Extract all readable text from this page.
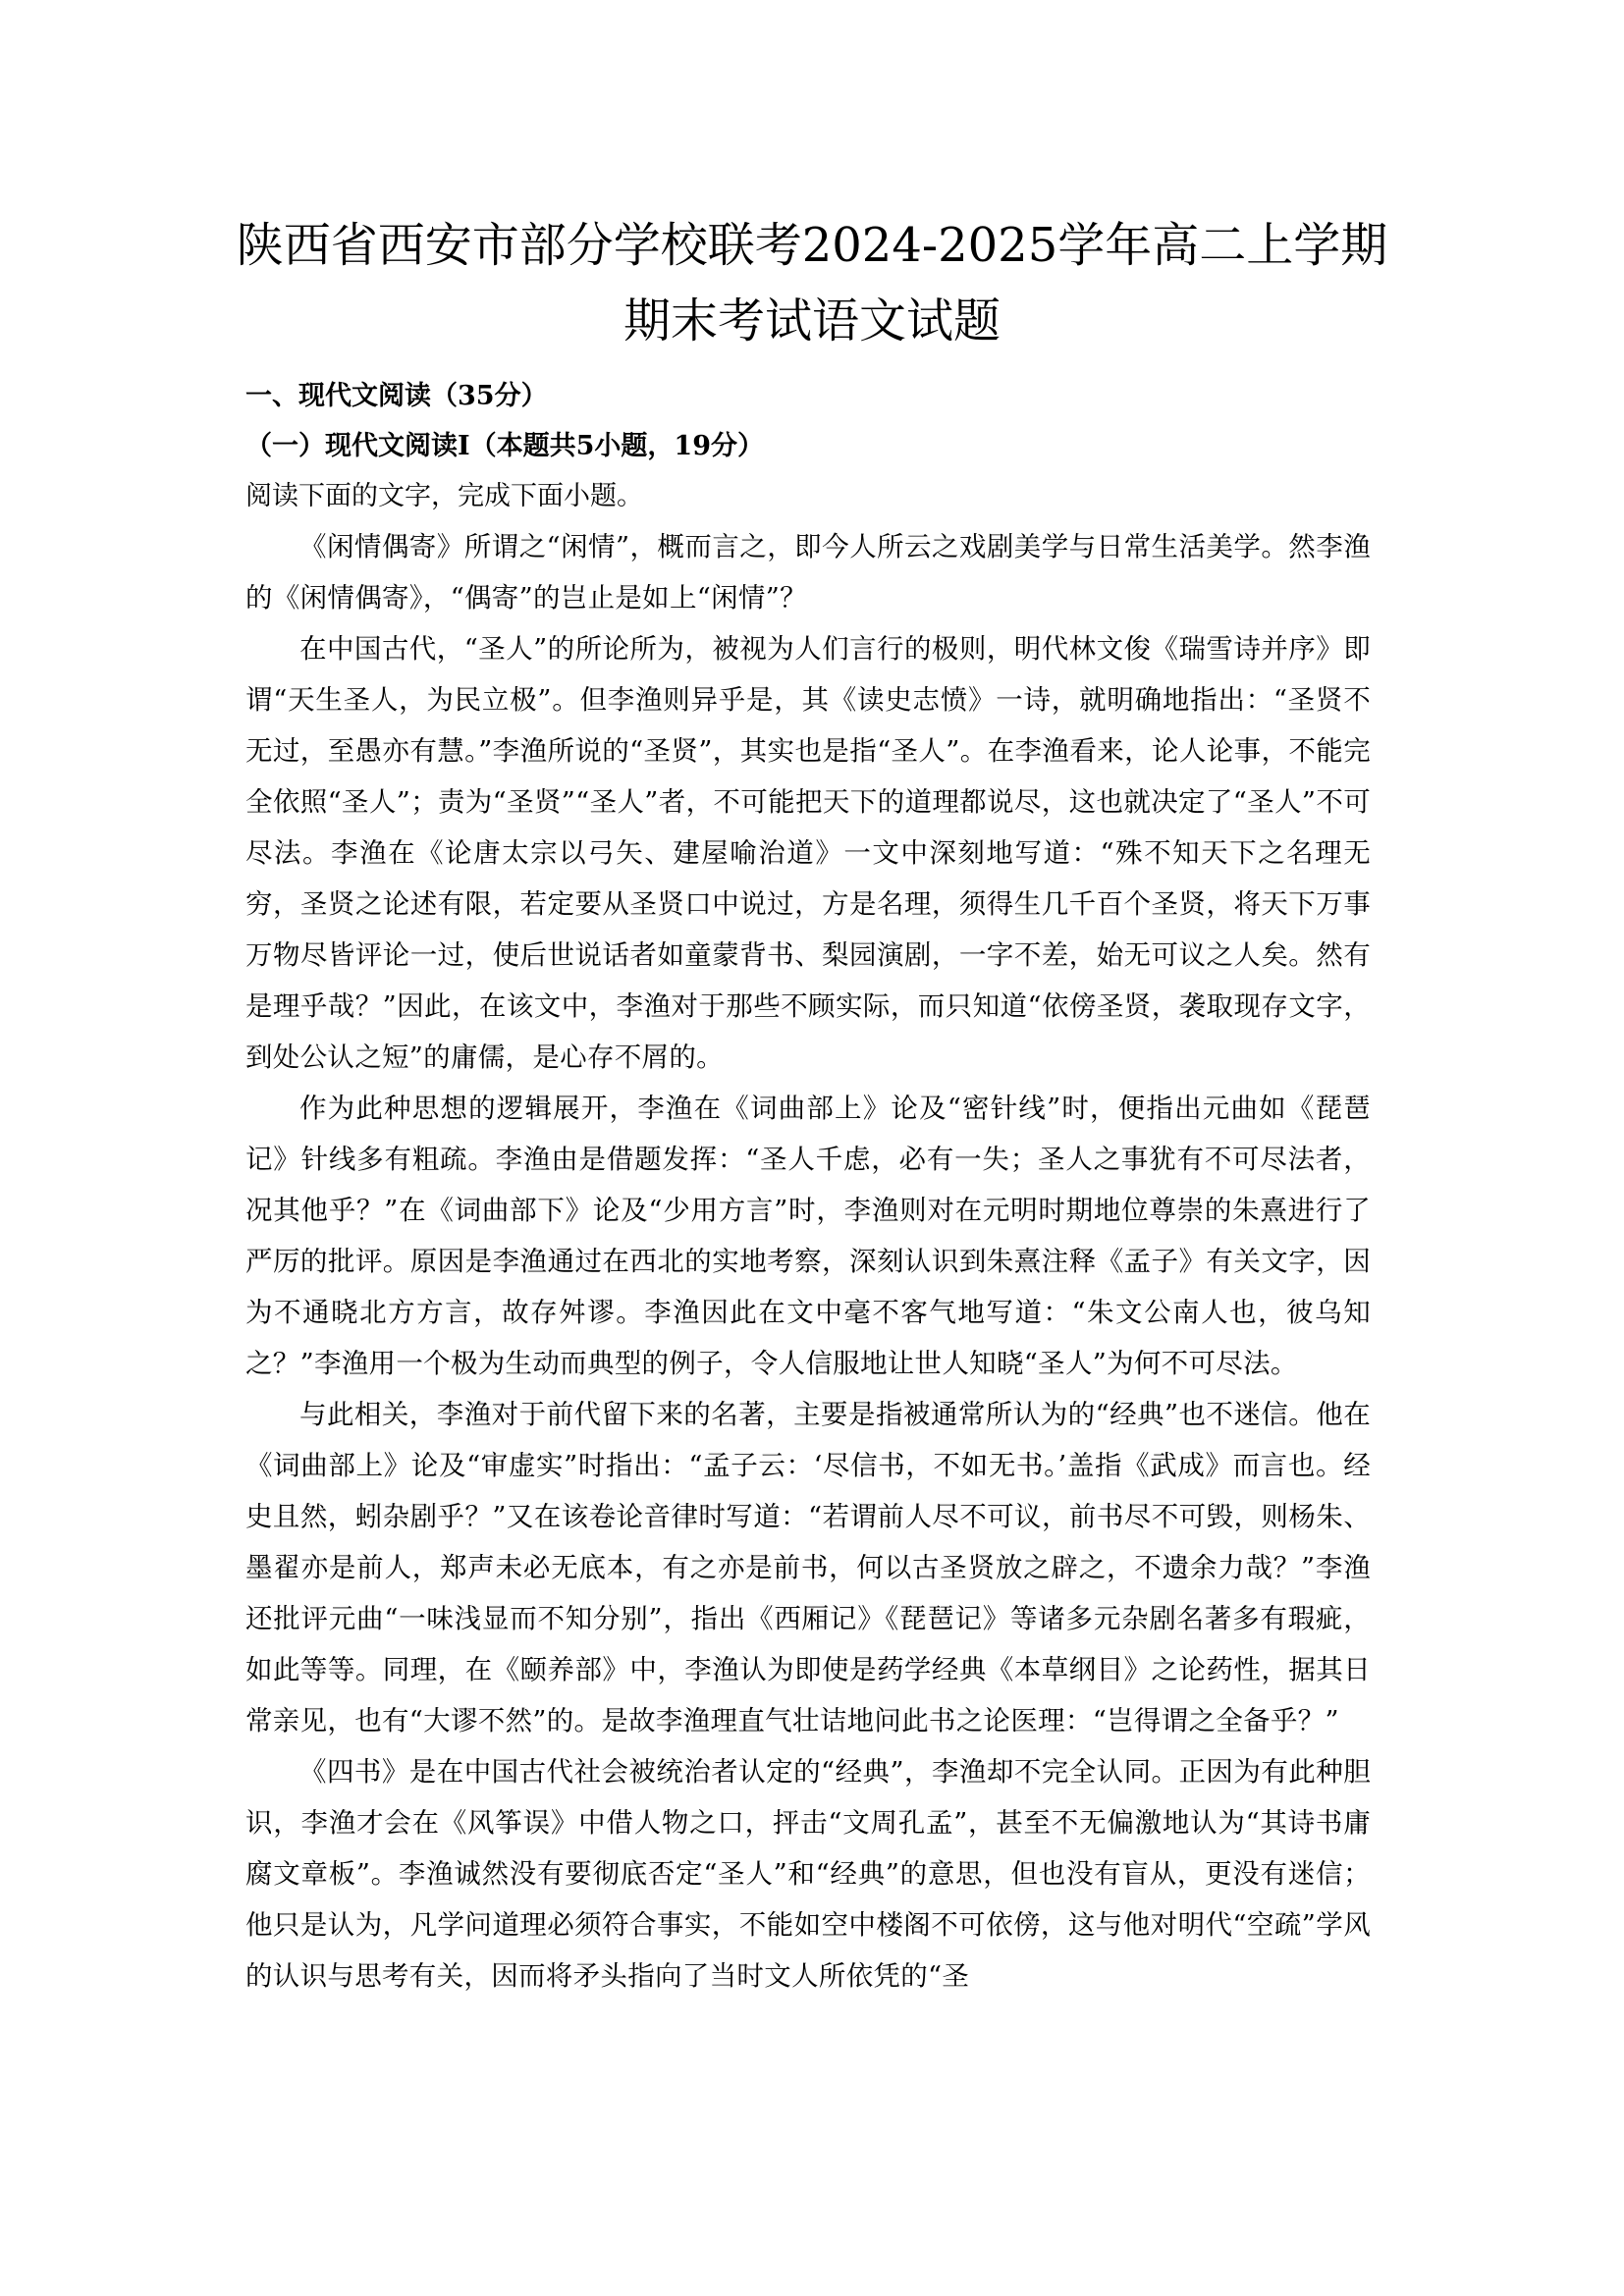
陕西省西安市部分学校联考2024-2025学年高二上学期
期末考试语文试题
一、现代文阅读（35分）
（一）现代文阅读Ⅰ（本题共5小题，19分）
阅读下面的文字，完成下面小题。

《闲情偶寄》所谓之“闲情”，概而言之，即今人所云之戏剧美学与日常生活美学。然李渔的《闲情偶寄》，“偶寄”的岂止是如上“闲情”？

在中国古代，“圣人”的所论所为，被视为人们言行的极则，明代林文俊《瑞雪诗并序》即谓“天生圣人，为民立极”。但李渔则异乎是，其《读史志愤》一诗，就明确地指出：“圣贤不无过，至愚亦有慧。”李渔所说的“圣贤”，其实也是指“圣人”。在李渔看来，论人论事，不能完全依照“圣人”；责为“圣贤”“圣人”者，不可能把天下的道理都说尽，这也就决定了“圣人”不可尽法。李渔在《论唐太宗以弓矢、建屋喻治道》一文中深刻地写道：“殊不知天下之名理无穷，圣贤之论述有限，若定要从圣贤口中说过，方是名理，须得生几千百个圣贤，将天下万事万物尽皆评论一过，使后世说话者如童蒙背书、梨园演剧，一字不差，始无可议之人矣。然有是理乎哉？”因此，在该文中，李渔对于那些不顾实际，而只知道“依傍圣贤，袭取现存文字，到处公认之短”的庸儒，是心存不屑的。

作为此种思想的逻辑展开，李渔在《词曲部上》论及“密针线”时，便指出元曲如《琵琶记》针线多有粗疏。李渔由是借题发挥：“圣人千虑，必有一失；圣人之事犹有不可尽法者，况其他乎？”在《词曲部下》论及“少用方言”时，李渔则对在元明时期地位尊崇的朱熹进行了严厉的批评。原因是李渔通过在西北的实地考察，深刻认识到朱熹注释《孟子》有关文字，因为不通晓北方方言，故存舛谬。李渔因此在文中毫不客气地写道：“朱文公南人也，彼乌知之？”李渔用一个极为生动而典型的例子，令人信服地让世人知晓“圣人”为何不可尽法。

与此相关，李渔对于前代留下来的名著，主要是指被通常所认为的“经典”也不迷信。他在《词曲部上》论及“审虚实”时指出：“孟子云：‘尽信书，不如无书。’盖指《武成》而言也。经史且然，蚓杂剧乎？”又在该卷论音律时写道：“若谓前人尽不可议，前书尽不可毁，则杨朱、墨翟亦是前人，郑声未必无底本，有之亦是前书，何以古圣贤放之辟之，不遗余力哉？”李渔还批评元曲“一味浅显而不知分别”，指出《西厢记》《琵琶记》等诸多元杂剧名著多有瑕疵，如此等等。同理，在《颐养部》中，李渔认为即使是药学经典《本草纲目》之论药性，据其日常亲见，也有“大谬不然”的。是故李渔理直气壮诘地问此书之论医理：“岂得谓之全备乎？”

《四书》是在中国古代社会被统治者认定的“经典”，李渔却不完全认同。正因为有此种胆识，李渔才会在《风筝误》中借人物之口，抨击“文周孔孟”，甚至不无偏激地认为“其诗书庸腐文章板”。李渔诚然没有要彻底否定“圣人”和“经典”的意思，但也没有盲从，更没有迷信；他只是认为，凡学问道理必须符合事实，不能如空中楼阁不可依傍，这与他对明代“空疏”学风的认识与思考有关，因而将矛头指向了当时文人所依凭的“圣
